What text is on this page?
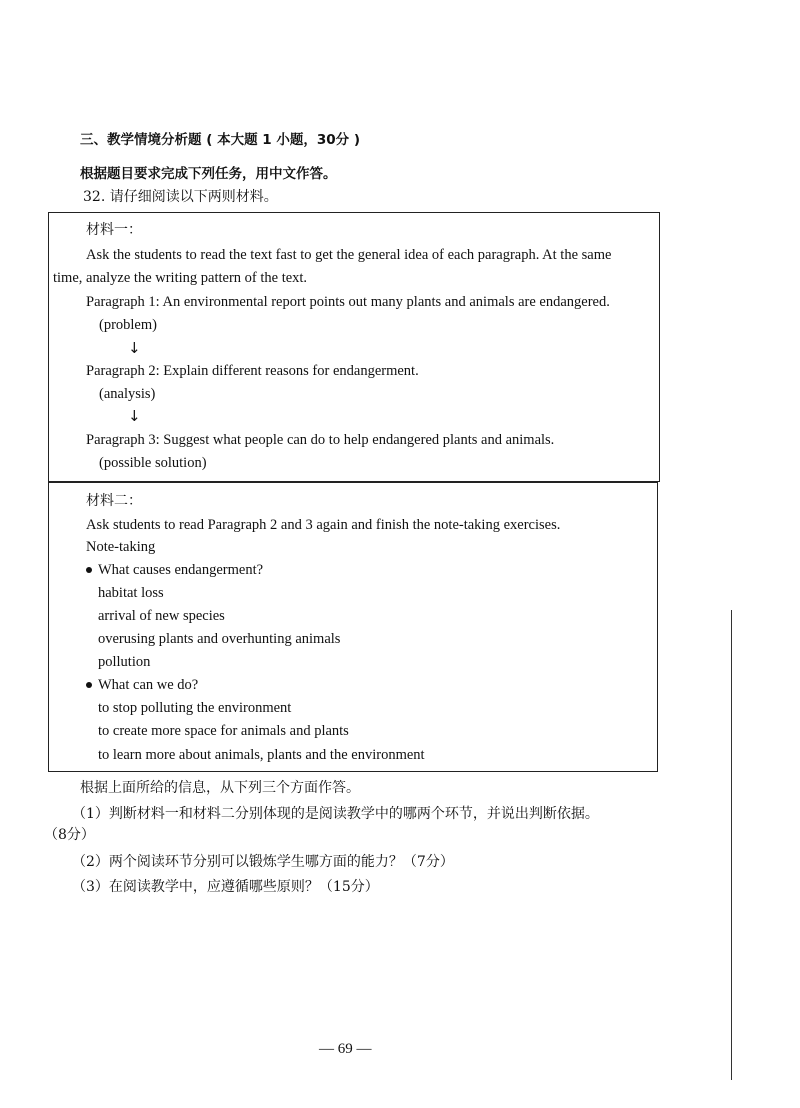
三、教学情境分析题 ( 本大题 1 小题，30分 )
根据题目要求完成下列任务，用中文作答。
32. 请仔细阅读以下两则材料。
材料一：
Ask the students to read the text fast to get the general idea of each paragraph. At the same
time, analyze the writing pattern of the text.
Paragraph 1: An environmental report points out many plants and animals are endangered.
(problem)
↓
Paragraph 2: Explain different reasons for endangerment.
(analysis)
↓
Paragraph 3: Suggest what people can do to help endangered plants and animals.
(possible solution)
材料二：
Ask students to read Paragraph 2 and 3 again and finish the note-taking exercises.
Note-taking
What causes endangerment?
habitat loss
arrival of new species
overusing plants and overhunting animals
pollution
What can we do?
to stop polluting the environment
to create more space for animals and plants
to learn more about animals, plants and the environment
根据上面所给的信息，从下列三个方面作答。
（1）判断材料一和材料二分别体现的是阅读教学中的哪两个环节，并说出判断依据。
（8分）
（2）两个阅读环节分别可以锻炼学生哪方面的能力？（7分）
（3）在阅读教学中，应遵循哪些原则？（15分）
— 69 —
